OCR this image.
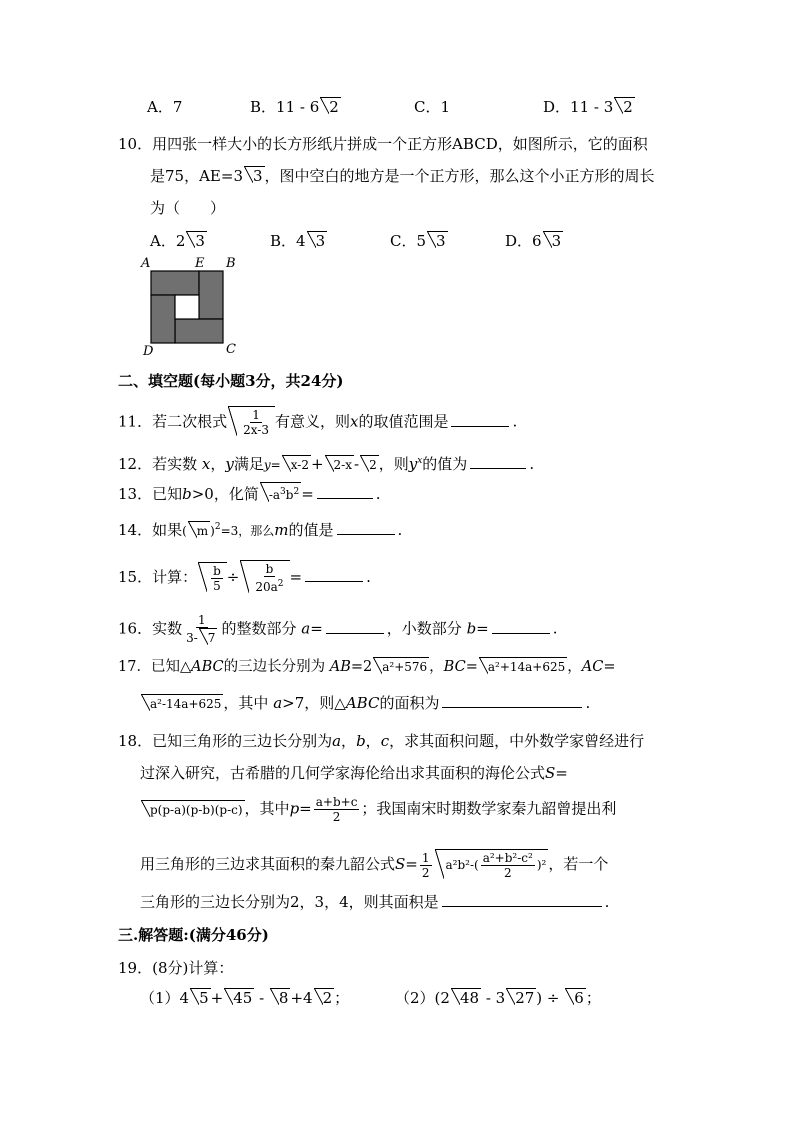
A．7	B．11 - 6 2	C．1	D．11 - 3 2
10．用四张一样大小的长方形纸片拼成一个正方形ABCD，如图所示，它的面积
是75，AE=3 3 ，图中空白的地方是一个正方形，那么这个小正方形的周长
为（　　）
A．2 3	B．4 3	C．5 3	D．6 3
A	E B
D	C
二、填空题(每小题3分，共24分)
11．若二次根式 $\frac{1}{2x-3}$ 有意义，则x的取值范围是	.
12．若实数 x，y满足y= x-2 + 2-x - 2 ，则$y^x$的值为	.
13．已知b>0，化简 $-a^3b^2$ =	.
14．如果( m )$^2$=3，那么m的值是	.
15．计算： $\frac{b}{5} \div \frac{b}{20a^2}$ =	.
16．实数 $\frac{1}{3- 7}$ 的整数部分 a=	，小数部分 b=	.
17．已知△ABC的三边长分别为 AB=2 a²+576 ，BC= a²+14a+625 ，AC=
a²-14a+625 ，其中 a>7，则△ABC的面积为	.
18．已知三角形的三边长分别为a，b，c，求其面积问题，中外数学家曾经进行
过深入研究，古希腊的几何学家海伦给出求其面积的海伦公式S=
p(p-a)(p-b)(p-c) ，其中$p= \frac{a+b+c}{2}$ ；我国南宋时期数学家秦九韶曾提出利
用三角形的三边求其面积的秦九韶公式$S= \frac{1}{2} a^2b^2-( \frac{\text{a²+b²-c²}}{2} )^2$ ，若一个
三角形的三边长分别为2，3，4，则其面积是	.
三.解答题:(满分46分)
19．(8分)计算：
（1）4 5 + 45 - 8 +4 2 ；	（2）(2 48 - 3 27 ) ÷ 6 ；
